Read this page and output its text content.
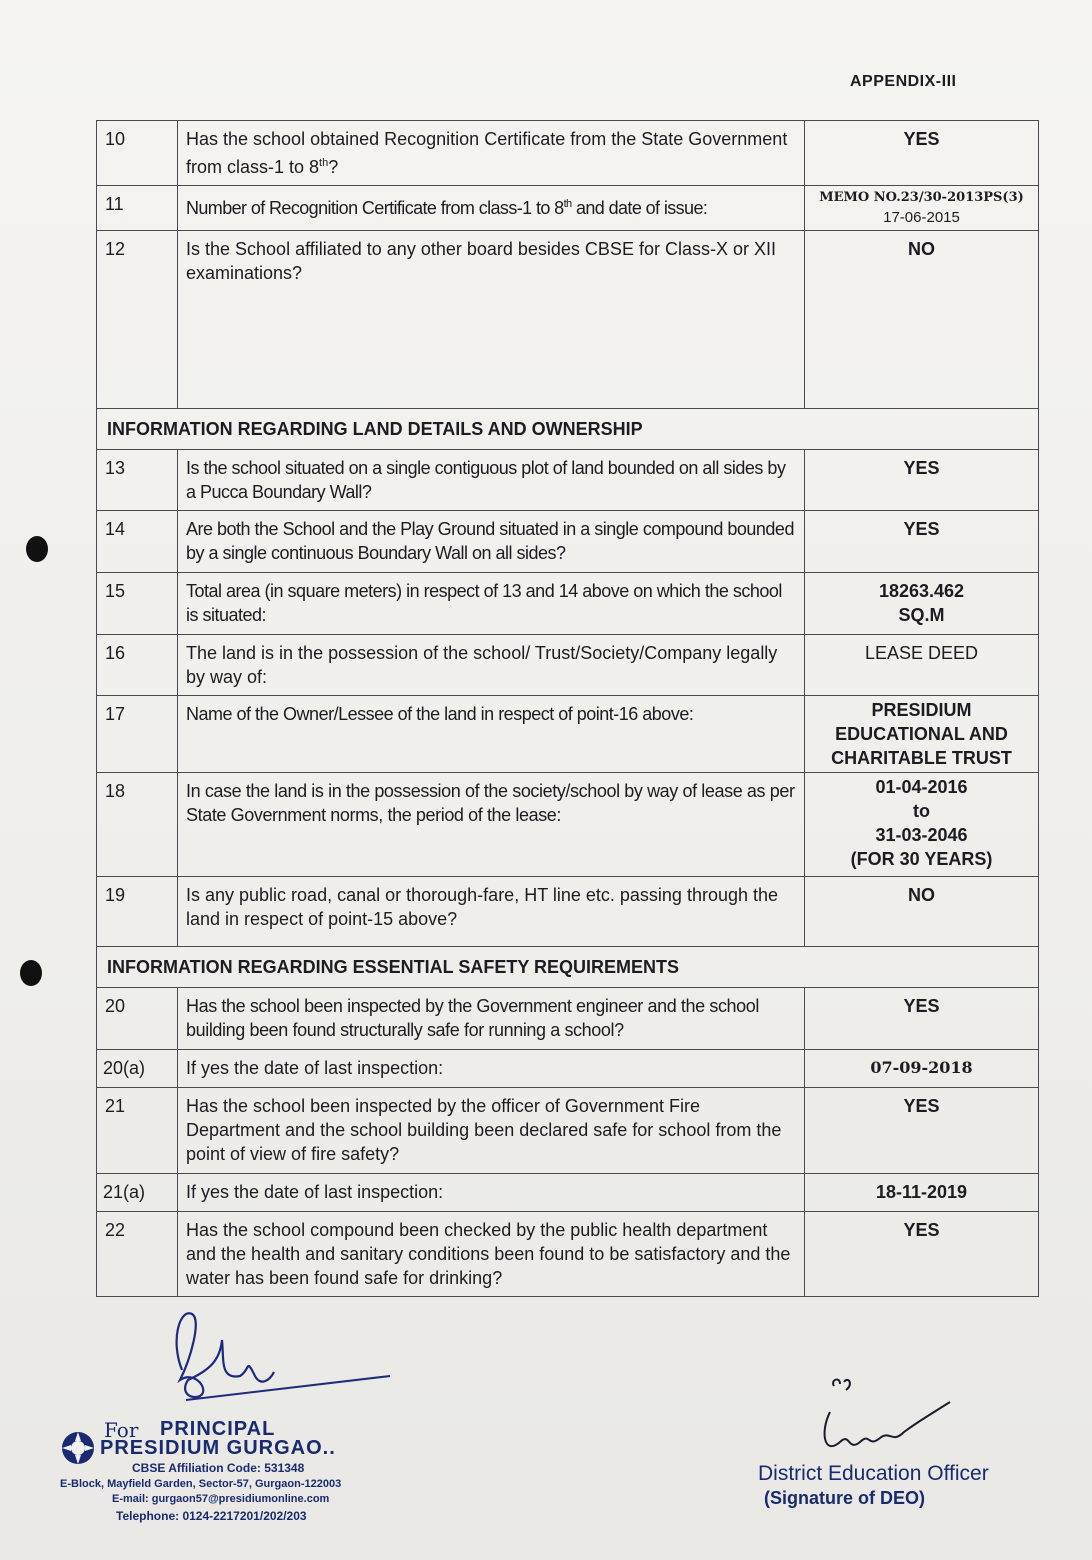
APPENDIX-III
10	Has the school obtained Recognition Certificate from the State Government from class-1 to 8th?	YES
11	Number of Recognition Certificate from class-1 to 8th and date of issue:	MEMO NO.23/30-2013PS(3)
17-06-2015

12	Is the School affiliated to any other board besides CBSE for Class-X or XII examinations?	NO
INFORMATION REGARDING LAND DETAILS AND OWNERSHIP		
13	Is the school situated on a single contiguous plot of land bounded on all sides by a Pucca Boundary Wall?	YES
14	Are both the School and the Play Ground situated in a single compound bounded by a single continuous Boundary Wall on all sides?	YES
15	Total area (in square meters) in respect of 13 and 14 above on which the school is situated:	18263.462
SQ.M

16	The land is in the possession of the school/ Trust/Society/Company legally by way of:	LEASE DEED
17	Name of the Owner/Lessee of the land in respect of point-16 above:	PRESIDIUM
EDUCATIONAL AND
CHARITABLE TRUST

18	In case the land is in the possession of the society/school by way of lease as per State Government norms, the period of the lease:	01-04-2016
to
31-03-2046
(FOR 30 YEARS)

19	Is any public road, canal or thorough-fare, HT line etc. passing through the land in respect of point-15 above?	NO
INFORMATION REGARDING ESSENTIAL SAFETY REQUIREMENTS		
20	Has the school been inspected by the Government engineer and the school building been found structurally safe for running a school?	YES
20(a)	If yes the date of last inspection:	07-09-2018
21	Has the school been inspected by the officer of Government Fire Department and the school building been declared safe for school from the point of view of fire safety?	YES
21(a)	If yes the date of last inspection:	18-11-2019
22	Has the school compound been checked by the public health department and the health and sanitary conditions been found to be satisfactory and the water has been found safe for drinking?	YES
For PRINCIPAL
PRESIDIUM GURGAO..
CBSE Affiliation Code: 531348
E-Block, Mayfield Garden, Sector-57, Gurgaon-122003
E-mail: gurgaon57@presidiumonline.com
Telephone: 0124-2217201/202/203
District Education Officer
(Signature of DEO)
